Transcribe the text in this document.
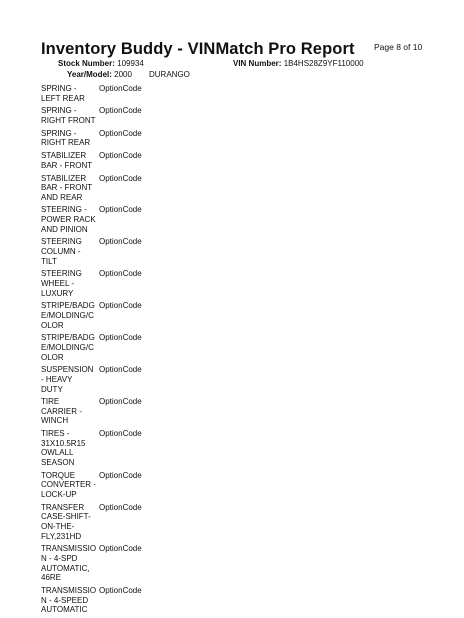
Inventory Buddy - VINMatch Pro Report Page 8 of 10
Stock Number: 109934	VIN Number: 1B4HS28Z9YF110000
Year/Model: 2000 DURANGO
SPRING -
LEFT REAR
OptionCode
SPRING -
RIGHT FRONT
OptionCode
SPRING -
RIGHT REAR
OptionCode
STABILIZER
BAR - FRONT
OptionCode
STABILIZER
BAR - FRONT
AND REAR
OptionCode
STEERING -
POWER RACK
AND PINION
OptionCode
STEERING
COLUMN -
TILT
OptionCode
STEERING
WHEEL -
LUXURY
OptionCode
STRIPE/BADG
E/MOLDING/C
OLOR
OptionCode
STRIPE/BADG
E/MOLDING/C
OLOR
OptionCode
SUSPENSION
- HEAVY DUTY
OptionCode
TIRE
CARRIER -
WINCH
OptionCode
TIRES -
31X10.5R15
OWLALL
SEASON
OptionCode
TORQUE
CONVERTER -
LOCK-UP
OptionCode
TRANSFER
CASE-SHIFT-
ON-THE-
FLY,231HD
OptionCode
TRANSMISSIO
N - 4-SPD
AUTOMATIC,
46RE
OptionCode
TRANSMISSIO
N - 4-SPEED
AUTOMATIC
OptionCode
